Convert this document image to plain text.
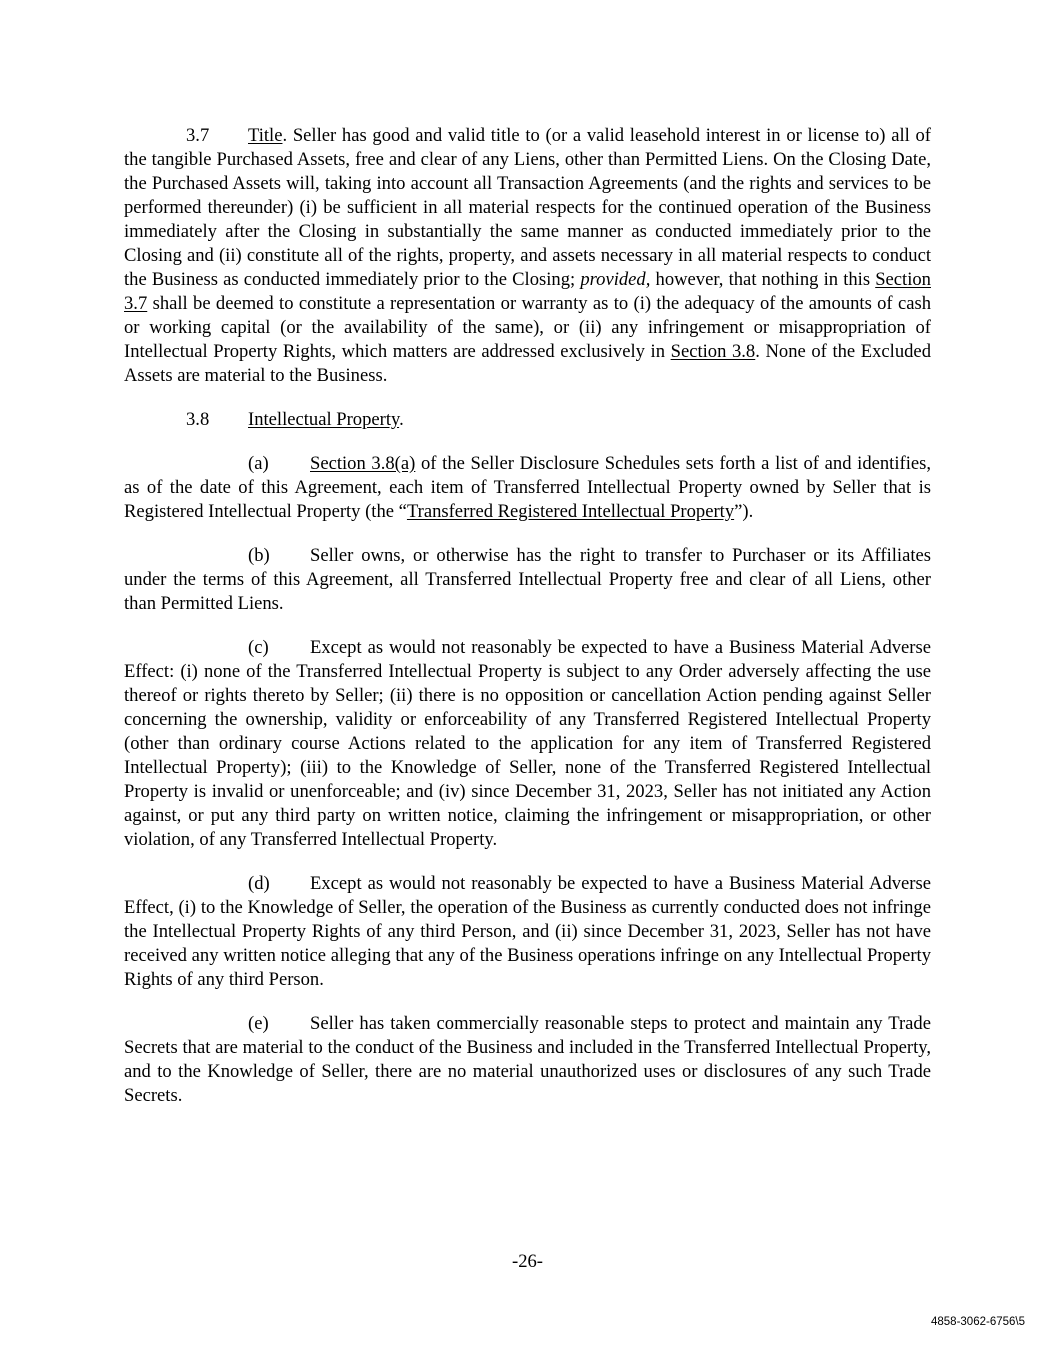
3.7 Title. Seller has good and valid title to (or a valid leasehold interest in or license to) all of the tangible Purchased Assets, free and clear of any Liens, other than Permitted Liens. On the Closing Date, the Purchased Assets will, taking into account all Transaction Agreements (and the rights and services to be performed thereunder) (i) be sufficient in all material respects for the continued operation of the Business immediately after the Closing in substantially the same manner as conducted immediately prior to the Closing and (ii) constitute all of the rights, property, and assets necessary in all material respects to conduct the Business as conducted immediately prior to the Closing; provided, however, that nothing in this Section 3.7 shall be deemed to constitute a representation or warranty as to (i) the adequacy of the amounts of cash or working capital (or the availability of the same), or (ii) any infringement or misappropriation of Intellectual Property Rights, which matters are addressed exclusively in Section 3.8. None of the Excluded Assets are material to the Business.

3.8 Intellectual Property.

(a) Section 3.8(a) of the Seller Disclosure Schedules sets forth a list of and identifies, as of the date of this Agreement, each item of Transferred Intellectual Property owned by Seller that is Registered Intellectual Property (the “Transferred Registered Intellectual Property”).

(b) Seller owns, or otherwise has the right to transfer to Purchaser or its Affiliates under the terms of this Agreement, all Transferred Intellectual Property free and clear of all Liens, other than Permitted Liens.

(c) Except as would not reasonably be expected to have a Business Material Adverse Effect: (i) none of the Transferred Intellectual Property is subject to any Order adversely affecting the use thereof or rights thereto by Seller; (ii) there is no opposition or cancellation Action pending against Seller concerning the ownership, validity or enforceability of any Transferred Registered Intellectual Property (other than ordinary course Actions related to the application for any item of Transferred Registered Intellectual Property); (iii) to the Knowledge of Seller, none of the Transferred Registered Intellectual Property is invalid or unenforceable; and (iv) since December 31, 2023, Seller has not initiated any Action against, or put any third party on written notice, claiming the infringement or misappropriation, or other violation, of any Transferred Intellectual Property.

(d) Except as would not reasonably be expected to have a Business Material Adverse Effect, (i) to the Knowledge of Seller, the operation of the Business as currently conducted does not infringe the Intellectual Property Rights of any third Person, and (ii) since December 31, 2023, Seller has not have received any written notice alleging that any of the Business operations infringe on any Intellectual Property Rights of any third Person.

(e) Seller has taken commercially reasonable steps to protect and maintain any Trade Secrets that are material to the conduct of the Business and included in the Transferred Intellectual Property, and to the Knowledge of Seller, there are no material unauthorized uses or disclosures of any such Trade Secrets.

-26-
4858-3062-6756\5
